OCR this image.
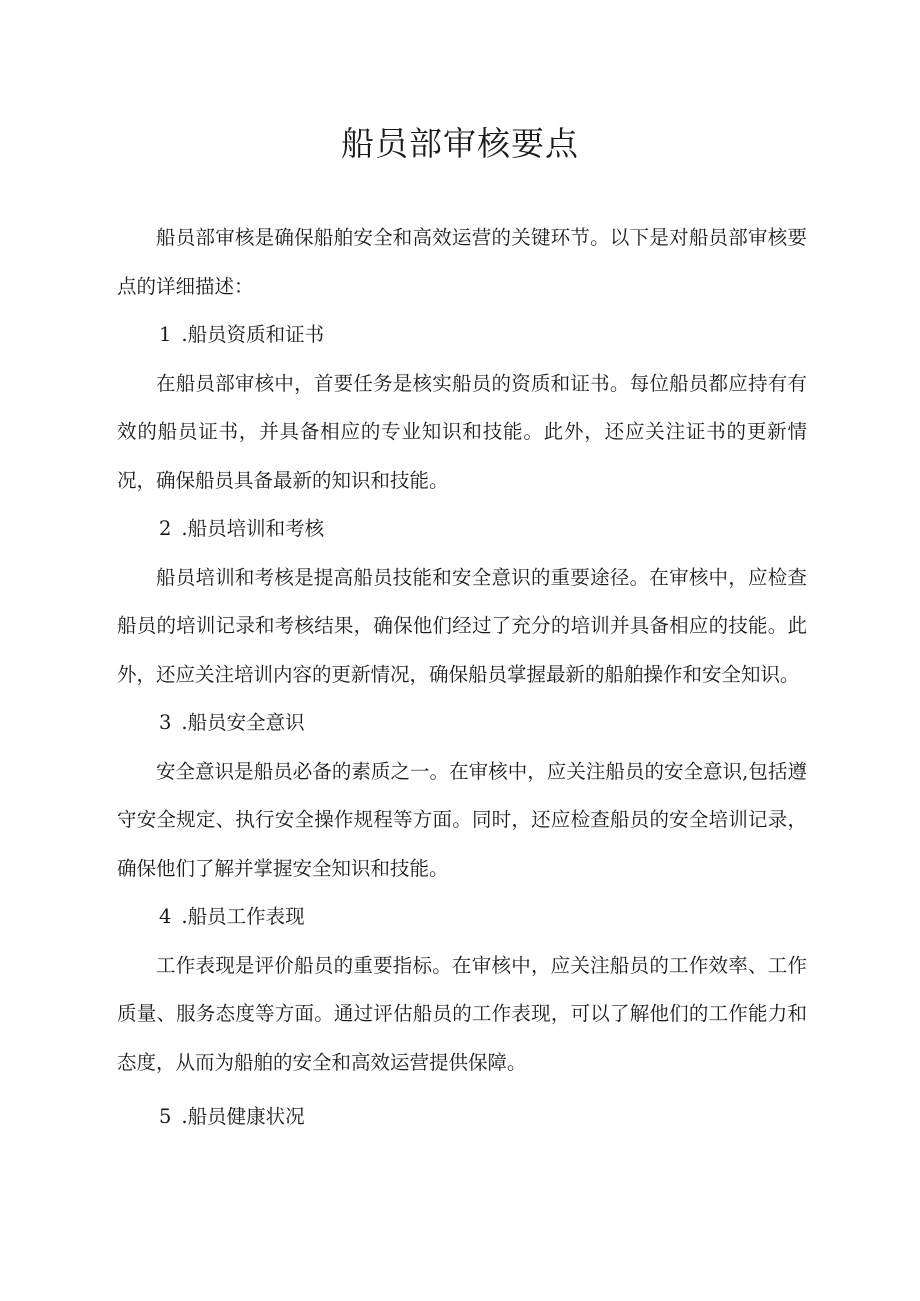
船员部审核要点

船员部审核是确保船舶安全和高效运营的关键环节。以下是对船员部审核要点的详细描述：

1 .船员资质和证书

在船员部审核中，首要任务是核实船员的资质和证书。每位船员都应持有有效的船员证书，并具备相应的专业知识和技能。此外，还应关注证书的更新情况，确保船员具备最新的知识和技能。

2 .船员培训和考核

船员培训和考核是提高船员技能和安全意识的重要途径。在审核中，应检查船员的培训记录和考核结果，确保他们经过了充分的培训并具备相应的技能。此外，还应关注培训内容的更新情况，确保船员掌握最新的船舶操作和安全知识。

3 .船员安全意识

安全意识是船员必备的素质之一。在审核中，应关注船员的安全意识,包括遵守安全规定、执行安全操作规程等方面。同时，还应检查船员的安全培训记录，确保他们了解并掌握安全知识和技能。

4 .船员工作表现

工作表现是评价船员的重要指标。在审核中，应关注船员的工作效率、工作质量、服务态度等方面。通过评估船员的工作表现，可以了解他们的工作能力和态度，从而为船舶的安全和高效运营提供保障。

5 .船员健康状况
